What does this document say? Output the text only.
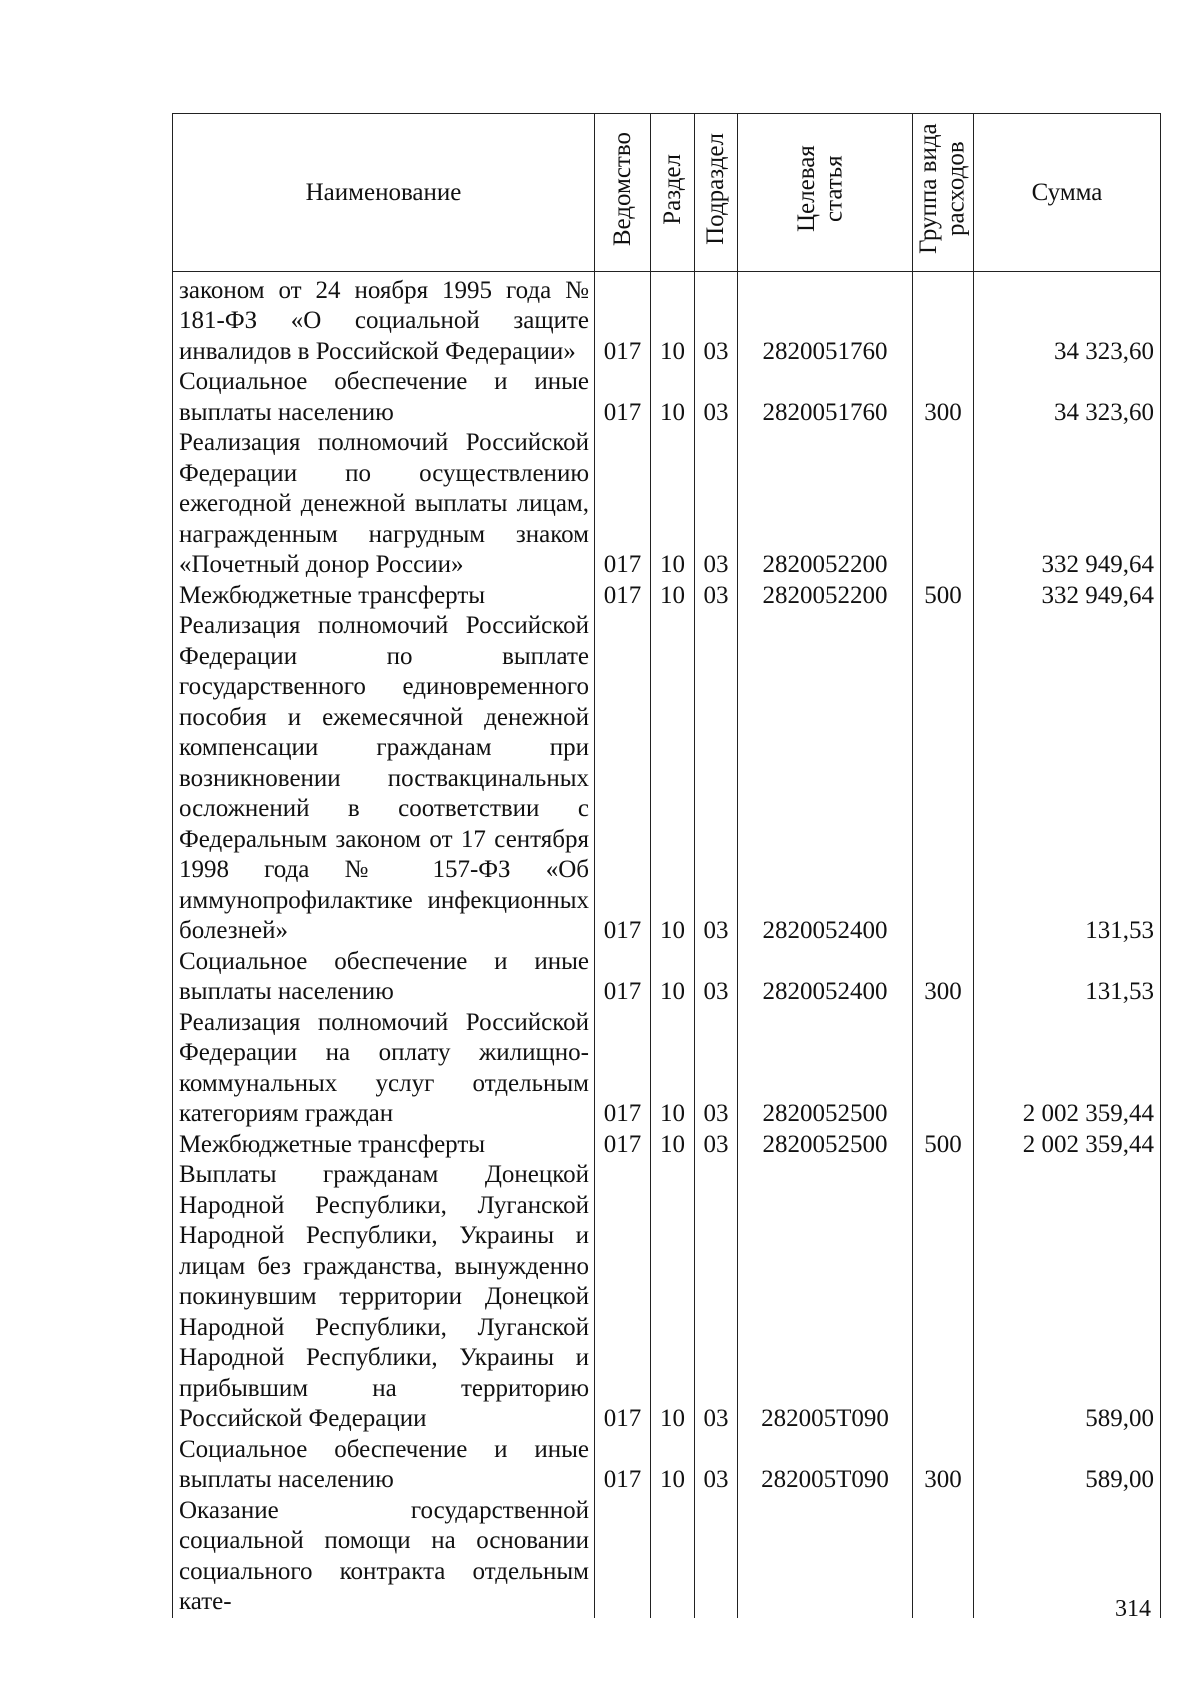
Наименование	Ведомство	Раздел	Подраздел	Целевая статья	Группа вида расходов	Сумма
законом от 24 ноября 1995 года № 181-ФЗ «О социальной защите инвалидов в Российской Федерации»	017	10	03	2820051760		34 323,60
Социальное обеспечение и иные выплаты населению	017	10	03	2820051760	300	34 323,60
Реализация полномочий Российской Федерации по осуществлению ежегодной денежной выплаты лицам, награжденным нагрудным знаком «Почетный донор России»	017	10	03	2820052200		332 949,64
Межбюджетные трансферты	017	10	03	2820052200	500	332 949,64
Реализация полномочий Российской Федерации по выплате государственного единовременного пособия и ежемесячной денежной компенсации гражданам при возникновении поствакцинальных осложнений в соответствии с Федеральным законом от 17 сентября 1998 года № 157-ФЗ «Об иммунопрофилактике инфекционных болезней»	017	10	03	2820052400		131,53
Социальное обеспечение и иные выплаты населению	017	10	03	2820052400	300	131,53
Реализация полномочий Российской Федерации на оплату жилищно-коммунальных услуг отдельным категориям граждан	017	10	03	2820052500		2 002 359,44
Межбюджетные трансферты	017	10	03	2820052500	500	2 002 359,44
Выплаты гражданам Донецкой Народной Республики, Луганской Народной Республики, Украины и лицам без гражданства, вынужденно покинувшим территории Донецкой Народной Республики, Луганской Народной Республики, Украины и прибывшим на территорию Российской Федерации	017	10	03	282005Т090		589,00
Социальное обеспечение и иные выплаты населению	017	10	03	282005Т090	300	589,00
Оказание государственной социальной помощи на основании социального контракта отдельным кате-							314
